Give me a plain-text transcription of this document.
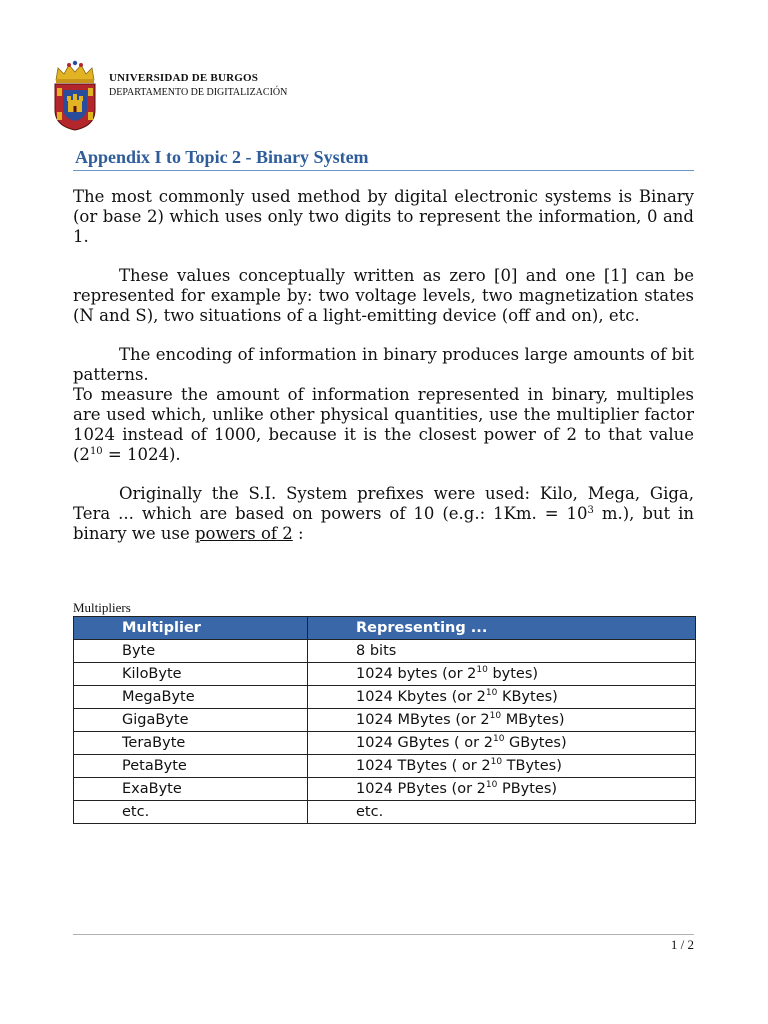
UNIVERSIDAD DE BURGOS
DEPARTAMENTO DE DIGITALIZACIÓN
Appendix I to Topic 2 - Binary System

The most commonly used method by digital electronic systems is Binary (or base 2) which uses only two digits to represent the information, 0 and 1.

These values conceptually written as zero [0] and one [1] can be represented for example by: two voltage levels, two magnetization states (N and S), two situations of a light-emitting device (off and on), etc.

The encoding of information in binary produces large amounts of bit patterns.

To measure the amount of information represented in binary, multiples are used which, unlike other physical quantities, use the multiplier factor 1024 instead of 1000, because it is the closest power of 2 to that value $(2^{10} = 1024)$.

Originally the S.I. System prefixes were used: Kilo, Mega, Giga, Tera ... which are based on powers of 10 (e.g.: 1Km. = $10^3$ m.), but in binary we use powers of 2 :

Multipliers
Multiplier	Representing ...
Byte	8 bits
KiloByte	1024 bytes (or $2^{10}$ bytes)
MegaByte	1024 Kbytes (or $2^{10}$ KBytes)
GigaByte	1024 MBytes (or $2^{10}$ MBytes)
TeraByte	1024 GBytes ( or $2^{10}$ GBytes)
PetaByte	1024 TBytes ( or $2^{10}$ TBytes)
ExaByte	1024 PBytes (or $2^{10}$ PBytes)
etc.	etc.
1 / 2
